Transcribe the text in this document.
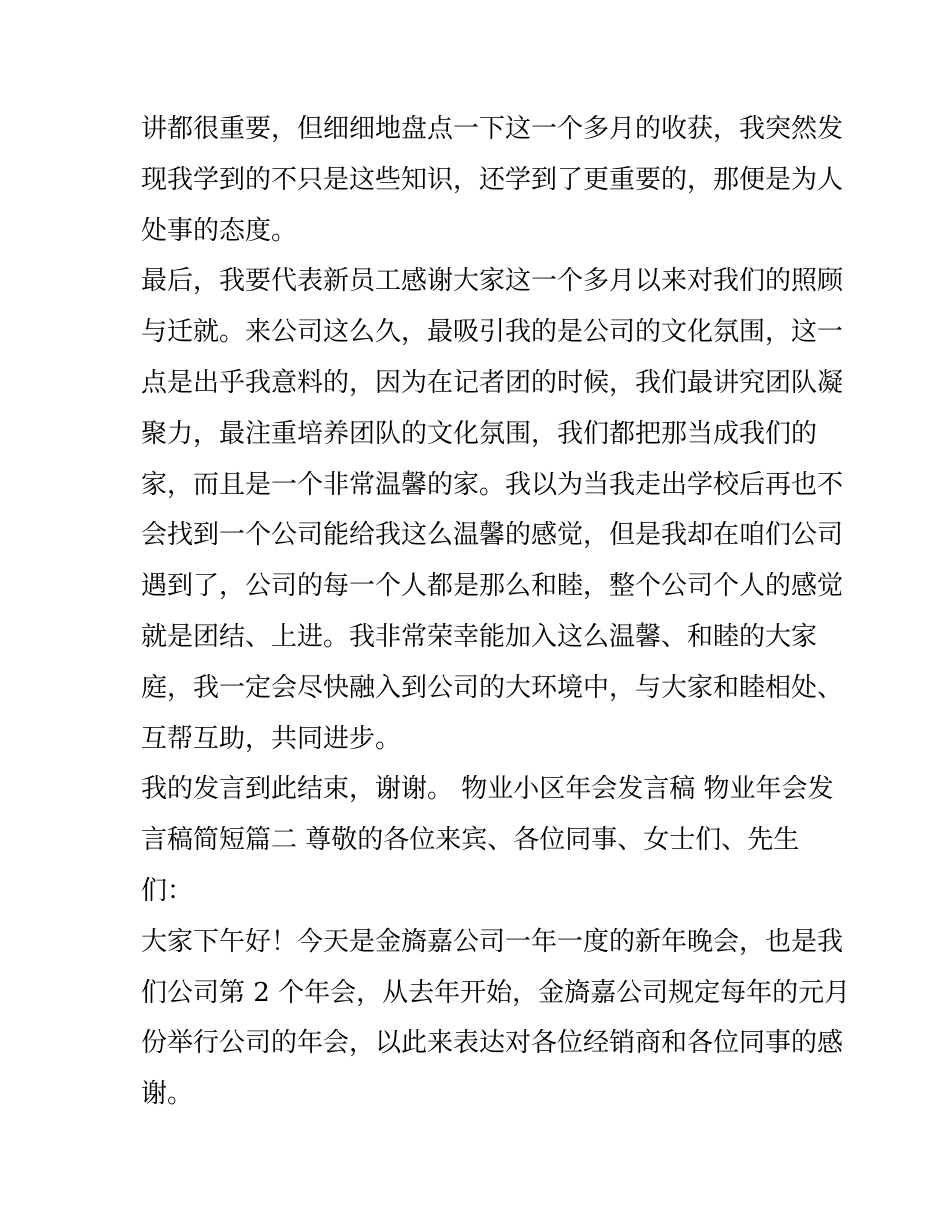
讲都很重要，但细细地盘点一下这一个多月的收获，我突然发
现我学到的不只是这些知识，还学到了更重要的，那便是为人
处事的态度。
最后，我要代表新员工感谢大家这一个多月以来对我们的照顾
与迁就。来公司这么久，最吸引我的是公司的文化氛围，这一
点是出乎我意料的，因为在记者团的时候，我们最讲究团队凝
聚力，最注重培养团队的文化氛围，我们都把那当成我们的
家，而且是一个非常温馨的家。我以为当我走出学校后再也不
会找到一个公司能给我这么温馨的感觉，但是我却在咱们公司
遇到了，公司的每一个人都是那么和睦，整个公司个人的感觉
就是团结、上进。我非常荣幸能加入这么温馨、和睦的大家
庭，我一定会尽快融入到公司的大环境中，与大家和睦相处、
互帮互助，共同进步。
我的发言到此结束，谢谢。 物业小区年会发言稿 物业年会发
言稿简短篇二 尊敬的各位来宾、各位同事、女士们、先生
们：
大家下午好！今天是金旖嘉公司一年一度的新年晚会，也是我
们公司第 2 个年会，从去年开始，金旖嘉公司规定每年的元月
份举行公司的年会，以此来表达对各位经销商和各位同事的感
谢。
